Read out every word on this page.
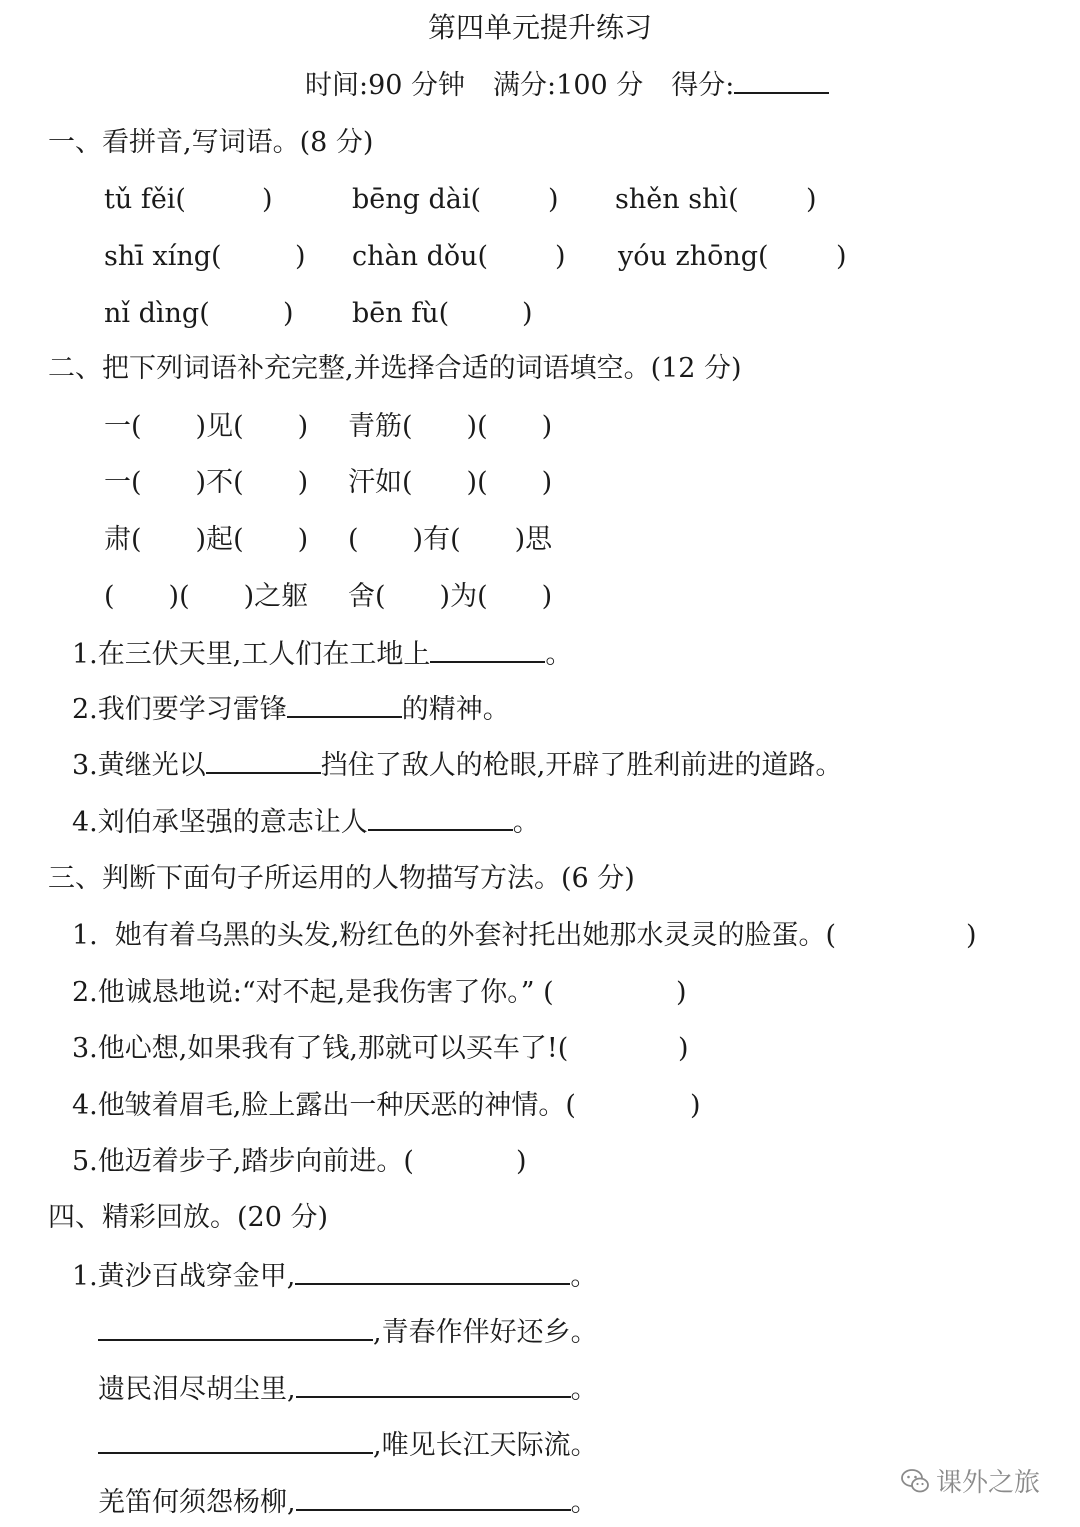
第四单元提升练习
时间:90 分钟 满分:100 分 得分:
一、看拼音,写词语。(8 分)
tǔ fěi(	)	bēng dài( ) shěn shì( )
shī xíng(	) chàn dǒu( ) yóu zhōng( )
nǐ dìng(	) bēn fù(	)
二、把下列词语补充完整,并选择合适的词语填空。(12 分)
一(　　)见(　　) 青筋(　　)(　　)
一(　　)不(　　) 汗如(　　)(　　)
肃(　　)起(　　) (　　)有(　　)思
(　　)(　　)之躯 舍(　　)为(　　)
1.在三伏天里,工人们在工地上	。
2.我们要学习雷锋	的精神。
3.黄继光以	挡住了敌人的枪眼,开辟了胜利前进的道路。
4.刘伯承坚强的意志让人	。
三、判断下面句子所运用的人物描写方法。(6 分)
1.  她有着乌黑的头发,粉红色的外套衬托出她那水灵灵的脸蛋。(	)
2.他诚恳地说:“对不起,是我伤害了你。” (	)
3.他心想,如果我有了钱,那就可以买车了!(	)
4.他皱着眉毛,脸上露出一种厌恶的神情。(	)
5.他迈着步子,踏步向前进。(	)
四、精彩回放。(20 分)
1.黄沙百战穿金甲,	。
,青春作伴好还乡。
遗民泪尽胡尘里,	。
,唯见长江天际流。
羌笛何须怨杨柳,	。
课外之旅
